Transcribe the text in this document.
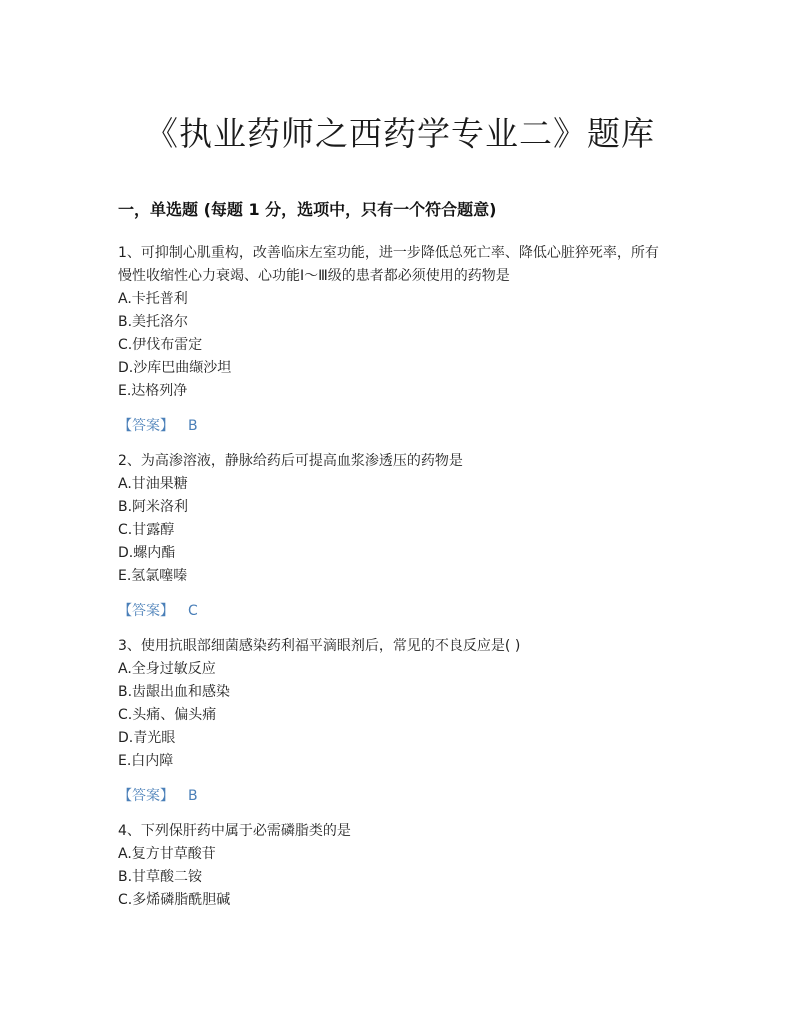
《执业药师之西药学专业二》题库
一，单选题 (每题 1 分，选项中，只有一个符合题意)

1、可抑制心肌重构，改善临床左室功能，进一步降低总死亡率、降低心脏猝死率，所有

慢性收缩性心力衰竭、心功能Ⅰ～Ⅲ级的患者都必须使用的药物是

A.卡托普利

B.美托洛尔

C.伊伐布雷定

D.沙库巴曲缬沙坦

E.达格列净

【答案】 B

2、为高渗溶液，静脉给药后可提高血浆渗透压的药物是

A.甘油果糖

B.阿米洛利

C.甘露醇

D.螺内酯

E.氢氯噻嗪

【答案】 C

3、使用抗眼部细菌感染药利福平滴眼剂后，常见的不良反应是( )

A.全身过敏反应

B.齿龈出血和感染

C.头痛、偏头痛

D.青光眼

E.白内障

【答案】 B

4、下列保肝药中属于必需磷脂类的是

A.复方甘草酸苷

B.甘草酸二铵

C.多烯磷脂酰胆碱
